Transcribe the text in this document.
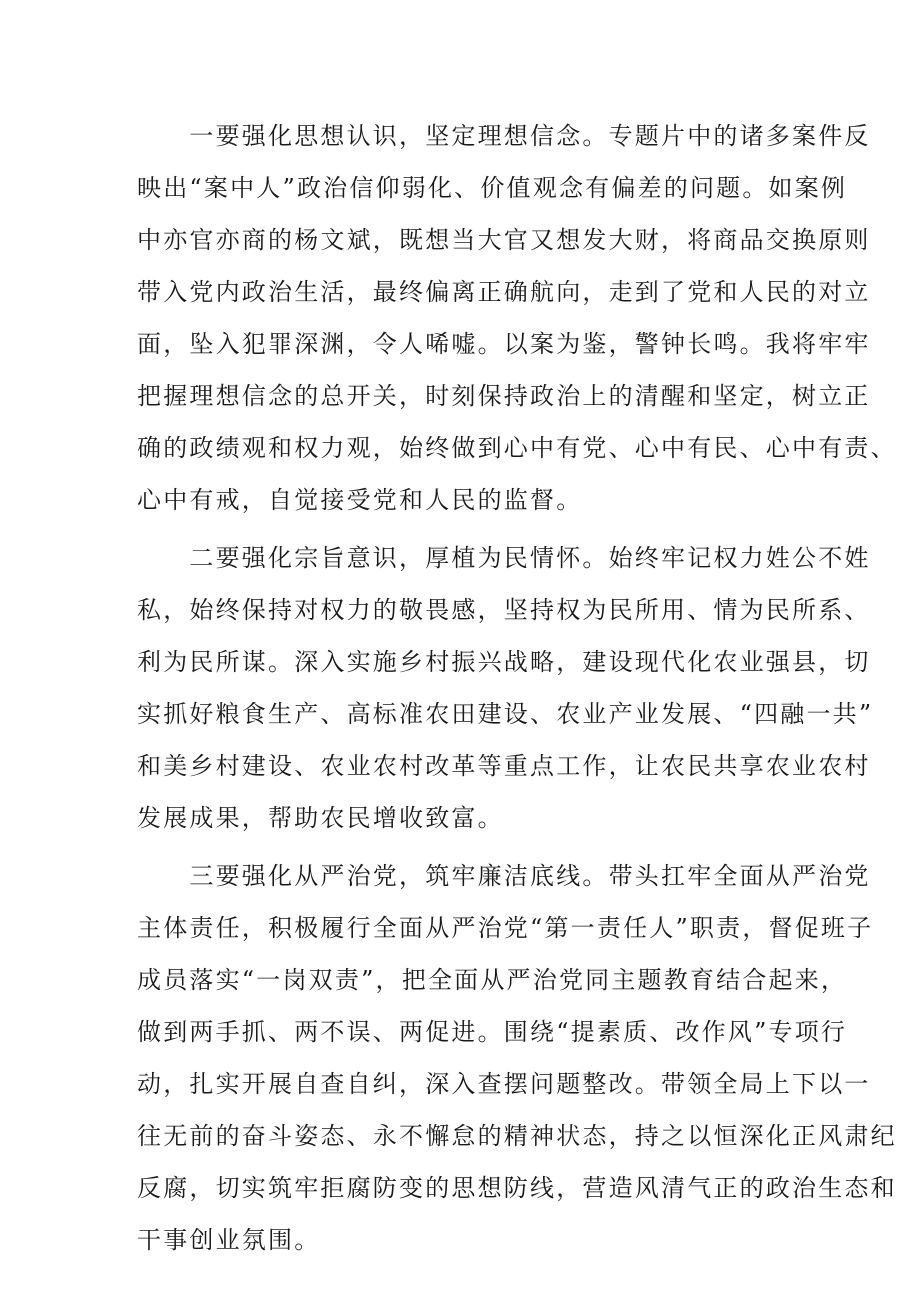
　　一要强化思想认识，坚定理想信念。专题片中的诸多案件反
映出“案中人”政治信仰弱化、价值观念有偏差的问题。如案例
中亦官亦商的杨文斌，既想当大官又想发大财，将商品交换原则
带入党内政治生活，最终偏离正确航向，走到了党和人民的对立
面，坠入犯罪深渊，令人唏嘘。以案为鉴，警钟长鸣。我将牢牢
把握理想信念的总开关，时刻保持政治上的清醒和坚定，树立正
确的政绩观和权力观，始终做到心中有党、心中有民、心中有责、
心中有戒，自觉接受党和人民的监督。
　　二要强化宗旨意识，厚植为民情怀。始终牢记权力姓公不姓
私，始终保持对权力的敬畏感，坚持权为民所用、情为民所系、
利为民所谋。深入实施乡村振兴战略，建设现代化农业强县，切
实抓好粮食生产、高标准农田建设、农业产业发展、“四融一共”
和美乡村建设、农业农村改革等重点工作，让农民共享农业农村
发展成果，帮助农民增收致富。
　　三要强化从严治党，筑牢廉洁底线。带头扛牢全面从严治党
主体责任，积极履行全面从严治党“第一责任人”职责，督促班子
成员落实“一岗双责”，把全面从严治党同主题教育结合起来，
做到两手抓、两不误、两促进。围绕“提素质、改作风”专项行
动，扎实开展自查自纠，深入查摆问题整改。带领全局上下以一
往无前的奋斗姿态、永不懈怠的精神状态，持之以恒深化正风肃纪
反腐，切实筑牢拒腐防变的思想防线，营造风清气正的政治生态和
干事创业氛围。
